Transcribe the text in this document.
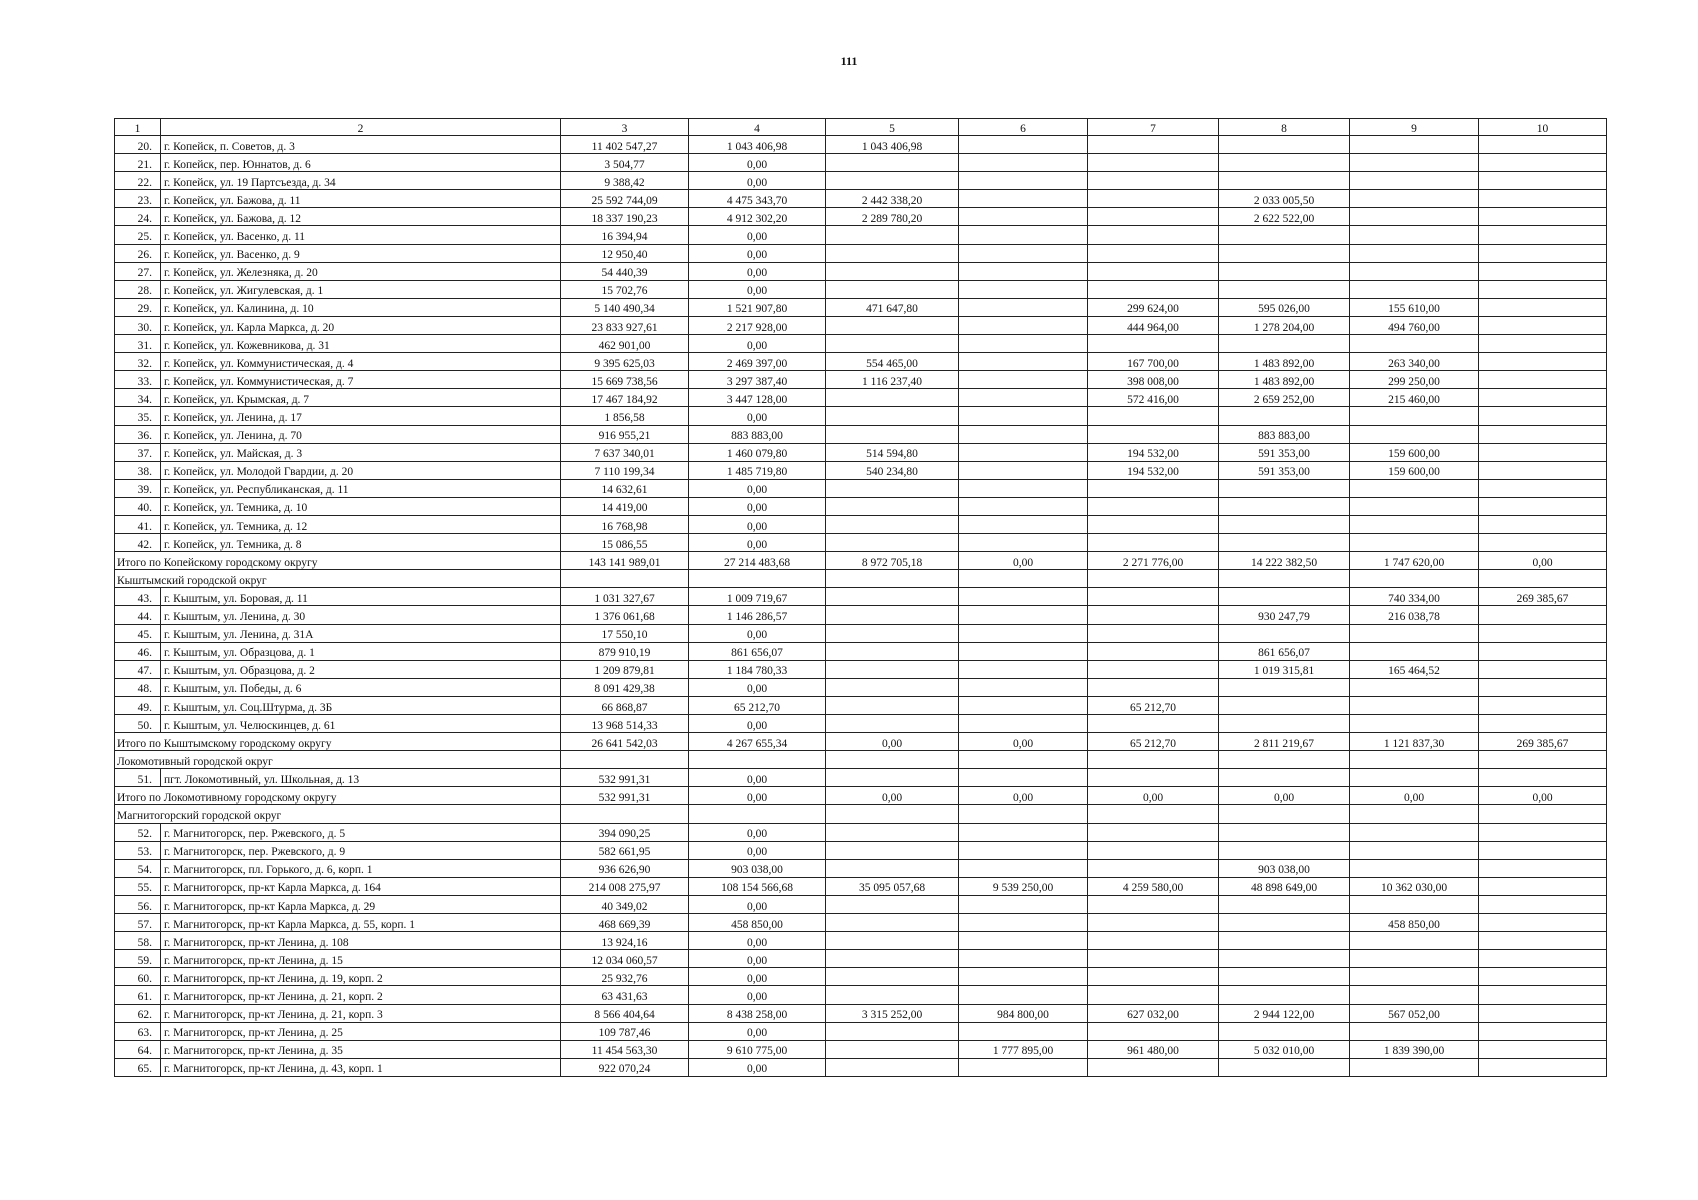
111
1	2	3	4	5	6	7	8	9	10
20.	г. Копейск, п. Советов, д. 3	11 402 547,27	1 043 406,98	1 043 406,98					
21.	г. Копейск, пер. Юннатов, д. 6	3 504,77	0,00						
22.	г. Копейск, ул. 19 Партсъезда, д. 34	9 388,42	0,00						
23.	г. Копейск, ул. Бажова, д. 11	25 592 744,09	4 475 343,70	2 442 338,20			2 033 005,50		
24.	г. Копейск, ул. Бажова, д. 12	18 337 190,23	4 912 302,20	2 289 780,20			2 622 522,00		
25.	г. Копейск, ул. Васенко, д. 11	16 394,94	0,00						
26.	г. Копейск, ул. Васенко, д. 9	12 950,40	0,00						
27.	г. Копейск, ул. Железняка, д. 20	54 440,39	0,00						
28.	г. Копейск, ул. Жигулевская, д. 1	15 702,76	0,00						
29.	г. Копейск, ул. Калинина, д. 10	5 140 490,34	1 521 907,80	471 647,80		299 624,00	595 026,00	155 610,00	
30.	г. Копейск, ул. Карла Маркса, д. 20	23 833 927,61	2 217 928,00			444 964,00	1 278 204,00	494 760,00	
31.	г. Копейск, ул. Кожевникова, д. 31	462 901,00	0,00						
32.	г. Копейск, ул. Коммунистическая, д. 4	9 395 625,03	2 469 397,00	554 465,00		167 700,00	1 483 892,00	263 340,00	
33.	г. Копейск, ул. Коммунистическая, д. 7	15 669 738,56	3 297 387,40	1 116 237,40		398 008,00	1 483 892,00	299 250,00	
34.	г. Копейск, ул. Крымская, д. 7	17 467 184,92	3 447 128,00			572 416,00	2 659 252,00	215 460,00	
35.	г. Копейск, ул. Ленина, д. 17	1 856,58	0,00						
36.	г. Копейск, ул. Ленина, д. 70	916 955,21	883 883,00				883 883,00		
37.	г. Копейск, ул. Майская, д. 3	7 637 340,01	1 460 079,80	514 594,80		194 532,00	591 353,00	159 600,00	
38.	г. Копейск, ул. Молодой Гвардии, д. 20	7 110 199,34	1 485 719,80	540 234,80		194 532,00	591 353,00	159 600,00	
39.	г. Копейск, ул. Республиканская, д. 11	14 632,61	0,00						
40.	г. Копейск, ул. Темника, д. 10	14 419,00	0,00						
41.	г. Копейск, ул. Темника, д. 12	16 768,98	0,00						
42.	г. Копейск, ул. Темника, д. 8	15 086,55	0,00						
Итого по Копейскому городскому округу		143 141 989,01	27 214 483,68	8 972 705,18	0,00	2 271 776,00	14 222 382,50	1 747 620,00	0,00
Кыштымский городской округ									
43.	г. Кыштым, ул. Боровая, д. 11	1 031 327,67	1 009 719,67					740 334,00	269 385,67
44.	г. Кыштым, ул. Ленина, д. 30	1 376 061,68	1 146 286,57				930 247,79	216 038,78	
45.	г. Кыштым, ул. Ленина, д. 31А	17 550,10	0,00						
46.	г. Кыштым, ул. Образцова, д. 1	879 910,19	861 656,07				861 656,07		
47.	г. Кыштым, ул. Образцова, д. 2	1 209 879,81	1 184 780,33				1 019 315,81	165 464,52	
48.	г. Кыштым, ул. Победы, д. 6	8 091 429,38	0,00						
49.	г. Кыштым, ул. Соц.Штурма, д. 3Б	66 868,87	65 212,70			65 212,70			
50.	г. Кыштым, ул. Челюскинцев, д. 61	13 968 514,33	0,00						
Итого по Кыштымскому городскому округу		26 641 542,03	4 267 655,34	0,00	0,00	65 212,70	2 811 219,67	1 121 837,30	269 385,67
Локомотивный городской округ									
51.	пгт. Локомотивный, ул. Школьная, д. 13	532 991,31	0,00						
Итого по Локомотивному городскому округу		532 991,31	0,00	0,00	0,00	0,00	0,00	0,00	0,00
Магнитогорский городской округ									
52.	г. Магнитогорск, пер. Ржевского, д. 5	394 090,25	0,00						
53.	г. Магнитогорск, пер. Ржевского, д. 9	582 661,95	0,00						
54.	г. Магнитогорск, пл. Горького, д. 6, корп. 1	936 626,90	903 038,00				903 038,00		
55.	г. Магнитогорск, пр-кт Карла Маркса, д. 164	214 008 275,97	108 154 566,68	35 095 057,68	9 539 250,00	4 259 580,00	48 898 649,00	10 362 030,00	
56.	г. Магнитогорск, пр-кт Карла Маркса, д. 29	40 349,02	0,00						
57.	г. Магнитогорск, пр-кт Карла Маркса, д. 55, корп. 1	468 669,39	458 850,00					458 850,00	
58.	г. Магнитогорск, пр-кт Ленина, д. 108	13 924,16	0,00						
59.	г. Магнитогорск, пр-кт Ленина, д. 15	12 034 060,57	0,00						
60.	г. Магнитогорск, пр-кт Ленина, д. 19, корп. 2	25 932,76	0,00						
61.	г. Магнитогорск, пр-кт Ленина, д. 21, корп. 2	63 431,63	0,00						
62.	г. Магнитогорск, пр-кт Ленина, д. 21, корп. 3	8 566 404,64	8 438 258,00	3 315 252,00	984 800,00	627 032,00	2 944 122,00	567 052,00	
63.	г. Магнитогорск, пр-кт Ленина, д. 25	109 787,46	0,00						
64.	г. Магнитогорск, пр-кт Ленина, д. 35	11 454 563,30	9 610 775,00		1 777 895,00	961 480,00	5 032 010,00	1 839 390,00	
65.	г. Магнитогорск, пр-кт Ленина, д. 43, корп. 1	922 070,24	0,00						
